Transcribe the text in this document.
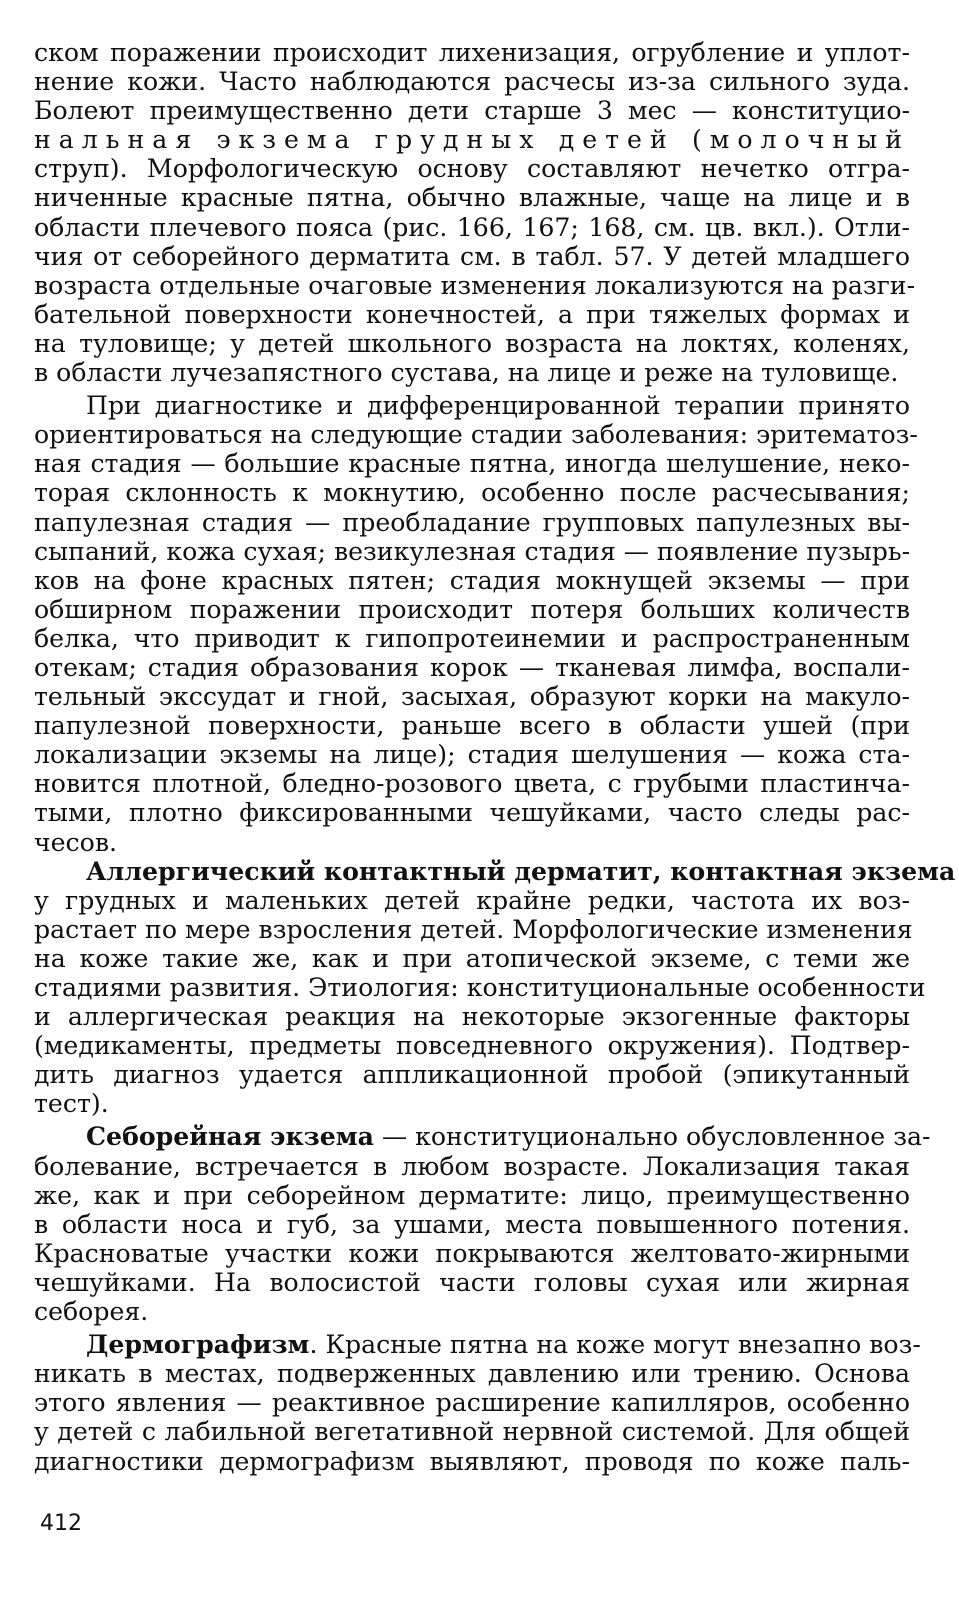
ском поражении происходит лихенизация, огрубление и уплот-
нение кожи. Часто наблюдаются расчесы из-за сильного зуда.
Болеют преимущественно дети старше 3 мес — конституцио-
нальная экзема грудных детей (молочный
струп). Морфологическую основу составляют нечетко отгра-
ниченные красные пятна, обычно влажные, чаще на лице и в
области плечевого пояса (рис. 166, 167; 168, см. цв. вкл.). Отли-
чия от себорейного дерматита см. в табл. 57. У детей младшего
возраста отдельные очаговые изменения локализуются на разги-
бательной поверхности конечностей, а при тяжелых формах и
на туловище; у детей школьного возраста на локтях, коленях,
в области лучезапястного сустава, на лице и реже на туловище.

При диагностике и дифференцированной терапии принято
ориентироваться на следующие стадии заболевания: эритематоз-
ная стадия — большие красные пятна, иногда шелушение, неко-
торая склонность к мокнутию, особенно после расчесывания;
папулезная стадия — преобладание групповых папулезных вы-
сыпаний, кожа сухая; везикулезная стадия — появление пузырь-
ков на фоне красных пятен; стадия мокнущей экземы — при
обширном поражении происходит потеря больших количеств
белка, что приводит к гипопротеинемии и распространенным
отекам; стадия образования корок — тканевая лимфа, воспали-
тельный экссудат и гной, засыхая, образуют корки на макуло-
папулезной поверхности, раньше всего в области ушей (при
локализации экземы на лице); стадия шелушения — кожа ста-
новится плотной, бледно-розового цвета, с грубыми пластинча-
тыми, плотно фиксированными чешуйками, часто следы рас-
чесов.

Аллергический контактный дерматит, контактная экзема
у грудных и маленьких детей крайне редки, частота их воз-
растает по мере взросления детей. Морфологические изменения
на коже такие же, как и при атопической экземе, с теми же
стадиями развития. Этиология: конституциональные особенности
и аллергическая реакция на некоторые экзогенные факторы
(медикаменты, предметы повседневного окружения). Подтвер-
дить диагноз удается аппликационной пробой (эпикутанный
тест).

Себорейная экзема — конституционально обусловленное за-
болевание, встречается в любом возрасте. Локализация такая
же, как и при себорейном дерматите: лицо, преимущественно
в области носа и губ, за ушами, места повышенного потения.
Красноватые участки кожи покрываются желтовато-жирными
чешуйками. На волосистой части головы сухая или жирная
себорея.

Дермографизм. Красные пятна на коже могут внезапно воз-
никать в местах, подверженных давлению или трению. Основа
этого явления — реактивное расширение капилляров, особенно
у детей с лабильной вегетативной нервной системой. Для общей
диагностики дермографизм выявляют, проводя по коже паль-

412
